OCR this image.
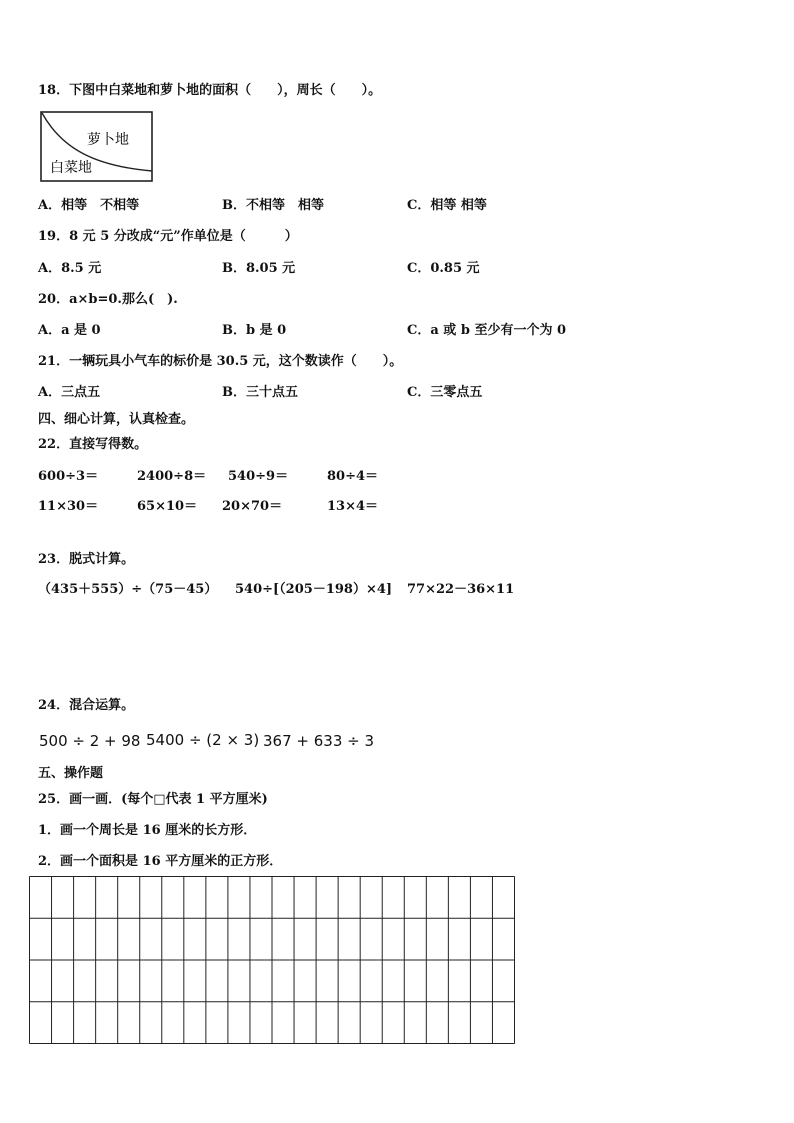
18．下图中白菜地和萝卜地的面积（　　），周长（　　）。
萝卜地
白菜地
A．相等　不相等	B．不相等　相等	C．相等 相等
19．8 元 5 分改成“元”作单位是（　　　）
A．8.5 元	B．8.05 元	C．0.85 元
20．a×b=0.那么(　).
A．a 是 0	B．b 是 0	C．a 或 b 至少有一个为 0
21．一辆玩具小气车的标价是 30.5 元，这个数读作（　　）。
A．三点五	B．三十点五	C．三零点五
四、细心计算，认真检查。
22．直接写得数。
600÷3＝	2400÷8＝ 540÷9＝	80÷4＝
11×30＝	65×10＝ 20×70＝	13×4＝
23．脱式计算。
（435＋555）÷（75－45） 540÷[（205－198）×4] 77×22－36×11
24．混合运算。
500 ÷ 2 + 98 5400 ÷ (2 × 3) 367 + 633 ÷ 3
五、操作题
25．画一画．(每个□代表 1 平方厘米)
1．画一个周长是 16 厘米的长方形．
2．画一个面积是 16 平方厘米的正方形．
